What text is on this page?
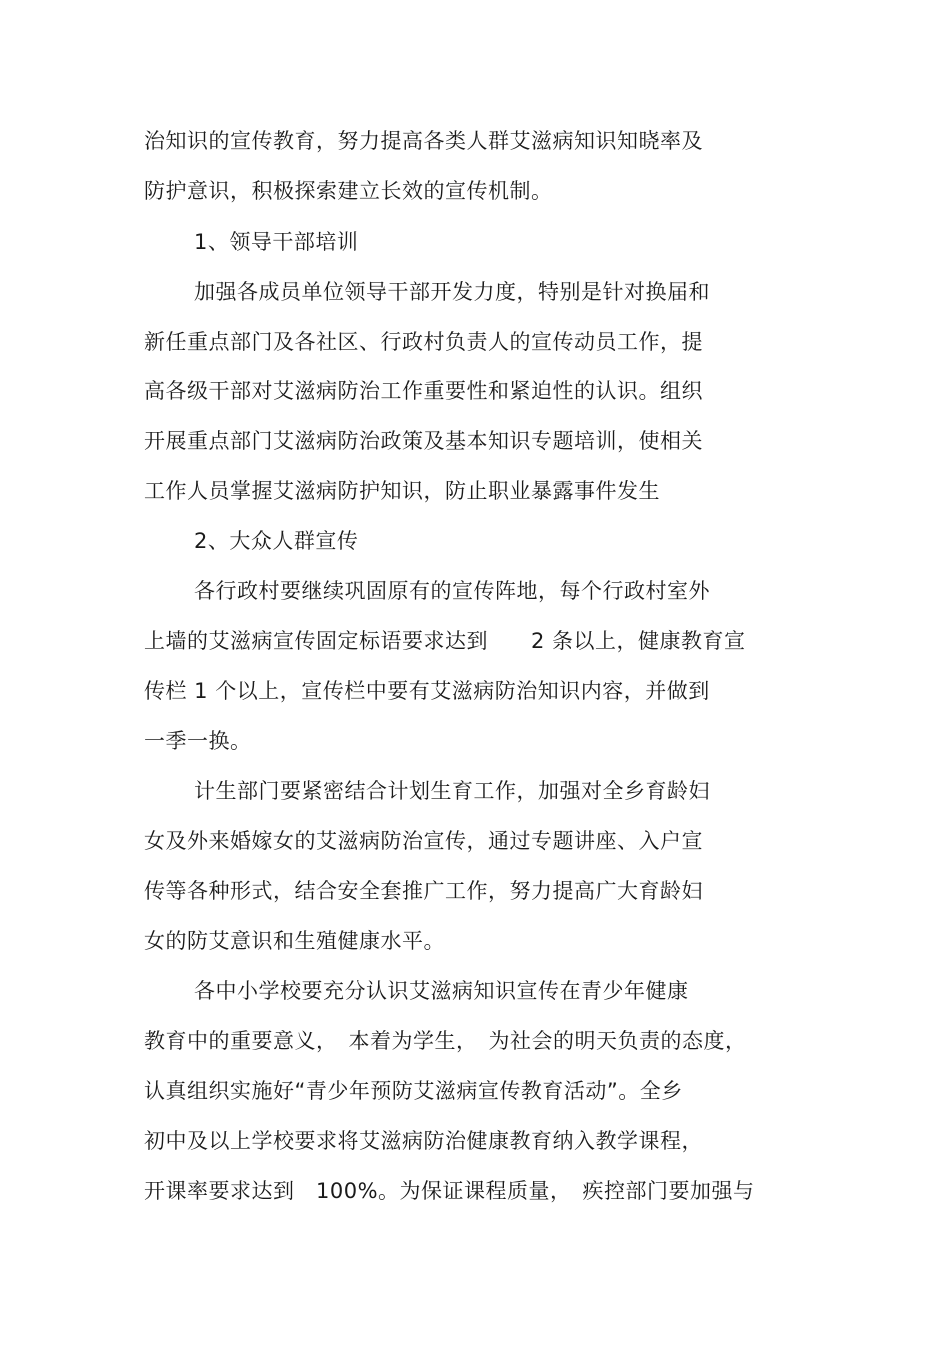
治知识的宣传教育，努力提高各类人群艾滋病知识知晓率及
防护意识，积极探索建立长效的宣传机制。
1、领导干部培训
加强各成员单位领导干部开发力度，特别是针对换届和
新任重点部门及各社区、行政村负责人的宣传动员工作，提
高各级干部对艾滋病防治工作重要性和紧迫性的认识。组织
开展重点部门艾滋病防治政策及基本知识专题培训，使相关
工作人员掌握艾滋病防护知识，防止职业暴露事件发生
2、大众人群宣传
各行政村要继续巩固原有的宣传阵地，每个行政村室外
上墙的艾滋病宣传固定标语要求达到　　2 条以上，健康教育宣
传栏 1 个以上，宣传栏中要有艾滋病防治知识内容，并做到
一季一换。
计生部门要紧密结合计划生育工作，加强对全乡育龄妇
女及外来婚嫁女的艾滋病防治宣传，通过专题讲座、入户宣
传等各种形式，结合安全套推广工作，努力提高广大育龄妇
女的防艾意识和生殖健康水平。
各中小学校要充分认识艾滋病知识宣传在青少年健康
教育中的重要意义，　本着为学生，　为社会的明天负责的态度，
认真组织实施好“青少年预防艾滋病宣传教育活动”。全乡
初中及以上学校要求将艾滋病防治健康教育纳入教学课程，
开课率要求达到　100%。为保证课程质量，　疾控部门要加强与
